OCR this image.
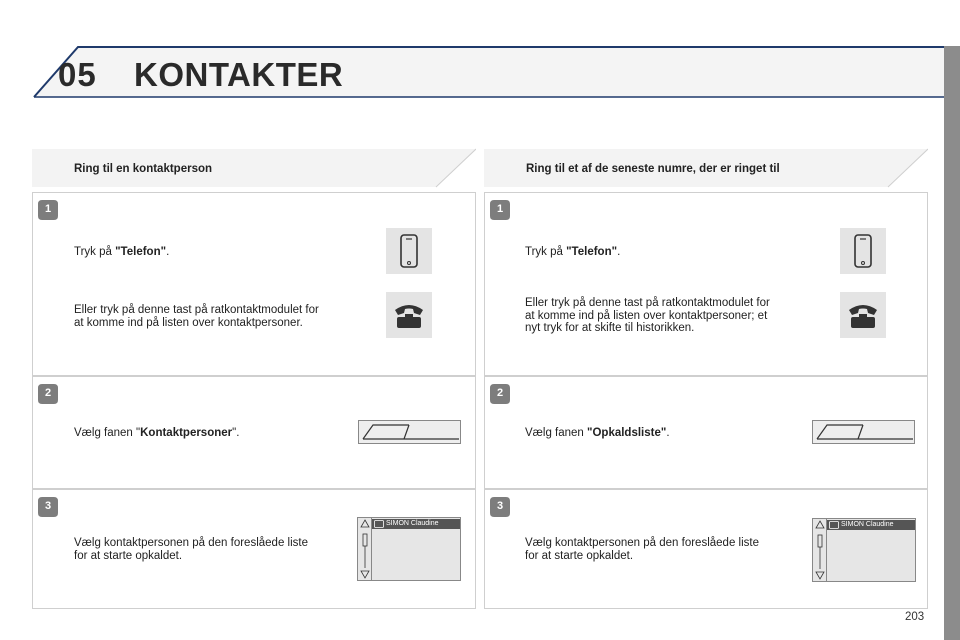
05 KONTAKTER
Ring til en kontaktperson
1
Tryk på "Telefon".
Eller tryk på denne tast på ratkontaktmodulet for
at komme ind på listen over kontaktpersoner.
2
Vælg fanen "Kontaktpersoner".
3
Vælg kontaktpersonen på den foreslåede liste
for at starte opkaldet.
SIMON Claudine
Ring til et af de seneste numre, der er ringet til
1
Tryk på "Telefon".
Eller tryk på denne tast på ratkontaktmodulet for
at komme ind på listen over kontaktpersoner; et
nyt tryk for at skifte til historikken.
2
Vælg fanen "Opkaldsliste".
3
Vælg kontaktpersonen på den foreslåede liste
for at starte opkaldet.
SIMON Claudine
203
